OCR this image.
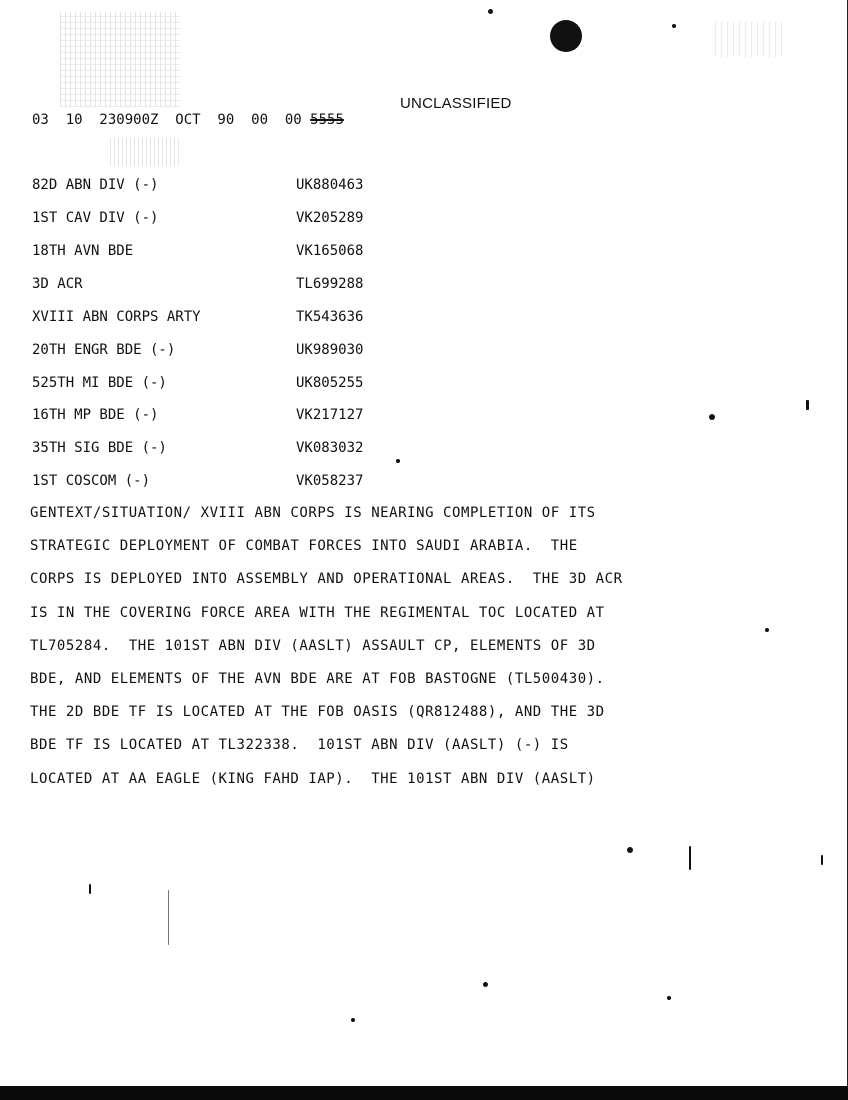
UNCLASSIFIED
03  10  230900Z  OCT  90  00  00 5555
82D ABN DIV (-)	UK880463
1ST CAV DIV (-)	VK205289
18TH AVN BDE	VK165068
3D ACR	TL699288
XVIII ABN CORPS ARTY	TK543636
20TH ENGR BDE (-)	UK989030
525TH MI BDE (-)	UK805255
16TH MP BDE (-)	VK217127
35TH SIG BDE (-)	VK083032
1ST COSCOM (-)	VK058237
GENTEXT/SITUATION/ XVIII ABN CORPS IS NEARING COMPLETION OF ITS
STRATEGIC DEPLOYMENT OF COMBAT FORCES INTO SAUDI ARABIA.  THE
CORPS IS DEPLOYED INTO ASSEMBLY AND OPERATIONAL AREAS.  THE 3D ACR
IS IN THE COVERING FORCE AREA WITH THE REGIMENTAL TOC LOCATED AT
TL705284.  THE 101ST ABN DIV (AASLT) ASSAULT CP, ELEMENTS OF 3D
BDE, AND ELEMENTS OF THE AVN BDE ARE AT FOB BASTOGNE (TL500430).
THE 2D BDE TF IS LOCATED AT THE FOB OASIS (QR812488), AND THE 3D
BDE TF IS LOCATED AT TL322338.  101ST ABN DIV (AASLT) (-) IS
LOCATED AT AA EAGLE (KING FAHD IAP).  THE 101ST ABN DIV (AASLT)
